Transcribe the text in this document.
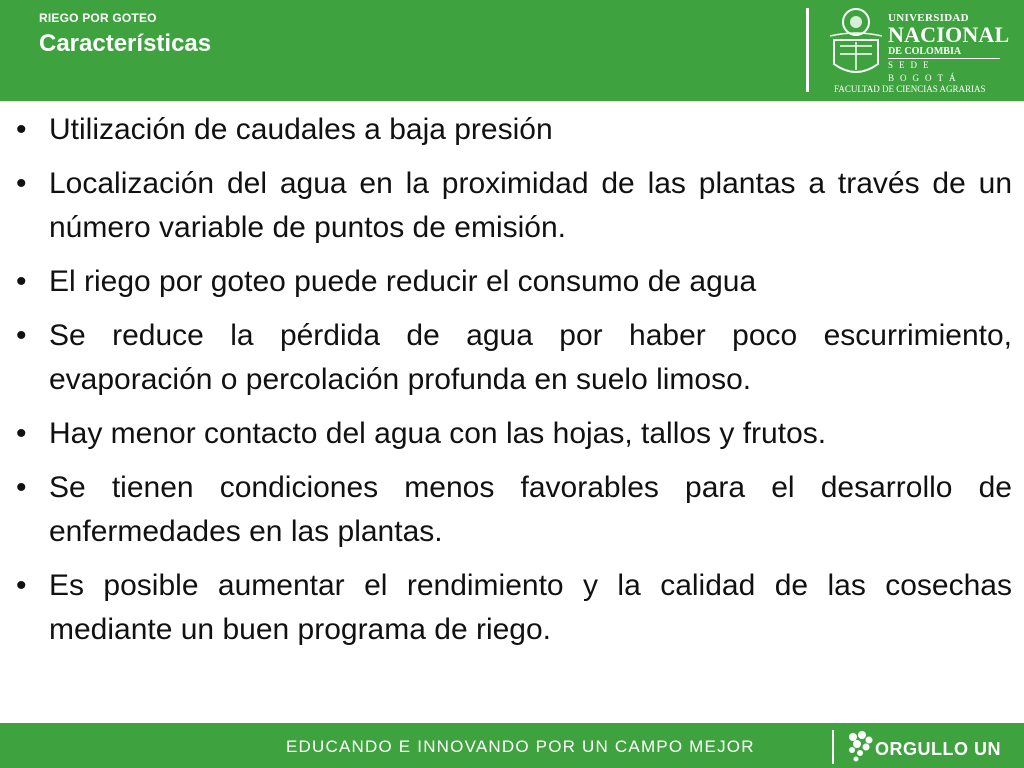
RIEGO POR GOTEO
Características
UNIVERSIDAD
NACIONAL
DE COLOMBIA
SEDE BOGOTÁ
FACULTAD DE CIENCIAS AGRARIAS
• Utilización de caudales a baja presión
• Localización del agua en la proximidad de las plantas a través de un número variable de puntos de emisión.
• El riego por goteo puede reducir el consumo de agua
• Se reduce la pérdida de agua por haber poco escurrimiento, evaporación o percolación profunda en suelo limoso.
• Hay menor contacto del agua con las hojas, tallos y frutos.
• Se tienen condiciones menos favorables para el desarrollo de enfermedades en las plantas.
• Es posible aumentar el rendimiento y la calidad de las cosechas mediante un buen programa de riego.
EDUCANDO E INNOVANDO POR UN CAMPO MEJOR	ORGULLO UN
